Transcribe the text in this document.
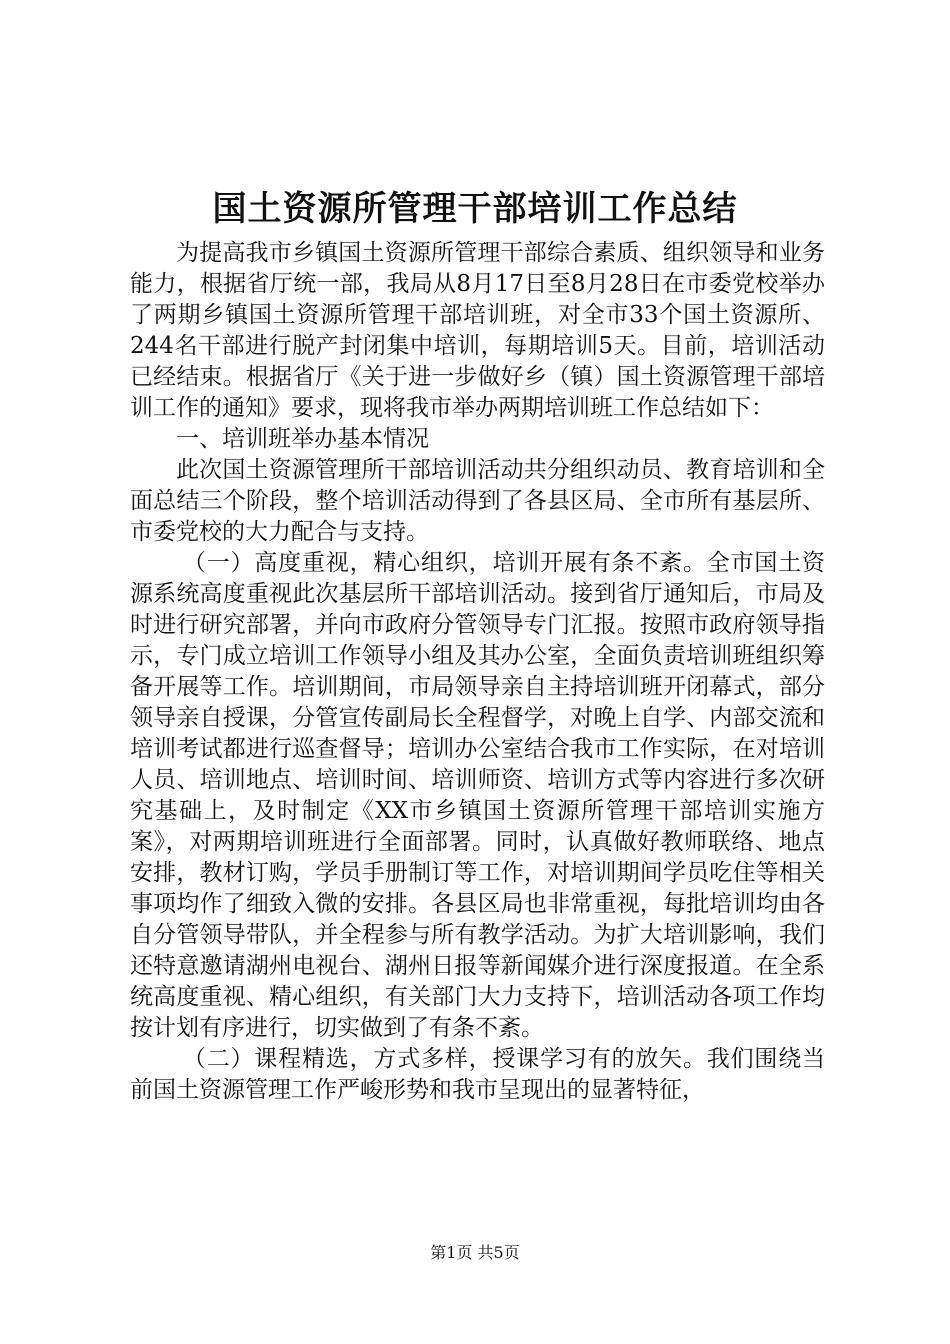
国土资源所管理干部培训工作总结

为提高我市乡镇国土资源所管理干部综合素质、组织领导和业务能力，根据省厅统一部，我局从8月17日至8月28日在市委党校举办了两期乡镇国土资源所管理干部培训班，对全市33个国土资源所、244名干部进行脱产封闭集中培训，每期培训5天。目前，培训活动已经结束。根据省厅《关于进一步做好乡（镇）国土资源管理干部培训工作的通知》要求，现将我市举办两期培训班工作总结如下：

一、培训班举办基本情况

此次国土资源管理所干部培训活动共分组织动员、教育培训和全面总结三个阶段，整个培训活动得到了各县区局、全市所有基层所、市委党校的大力配合与支持。

（一）高度重视，精心组织，培训开展有条不紊。全市国土资源系统高度重视此次基层所干部培训活动。接到省厅通知后，市局及时进行研究部署，并向市政府分管领导专门汇报。按照市政府领导指示，专门成立培训工作领导小组及其办公室，全面负责培训班组织筹备开展等工作。培训期间，市局领导亲自主持培训班开闭幕式，部分领导亲自授课，分管宣传副局长全程督学，对晚上自学、内部交流和培训考试都进行巡查督导；培训办公室结合我市工作实际，在对培训人员、培训地点、培训时间、培训师资、培训方式等内容进行多次研究基础上，及时制定《XX市乡镇国土资源所管理干部培训实施方案》，对两期培训班进行全面部署。同时，认真做好教师联络、地点安排，教材订购，学员手册制订等工作，对培训期间学员吃住等相关事项均作了细致入微的安排。各县区局也非常重视，每批培训均由各自分管领导带队，并全程参与所有教学活动。为扩大培训影响，我们还特意邀请湖州电视台、湖州日报等新闻媒介进行深度报道。在全系统高度重视、精心组织，有关部门大力支持下，培训活动各项工作均按计划有序进行，切实做到了有条不紊。

（二）课程精选，方式多样，授课学习有的放矢。我们围绕当前国土资源管理工作严峻形势和我市呈现出的显著特征，

第1页 共5页
